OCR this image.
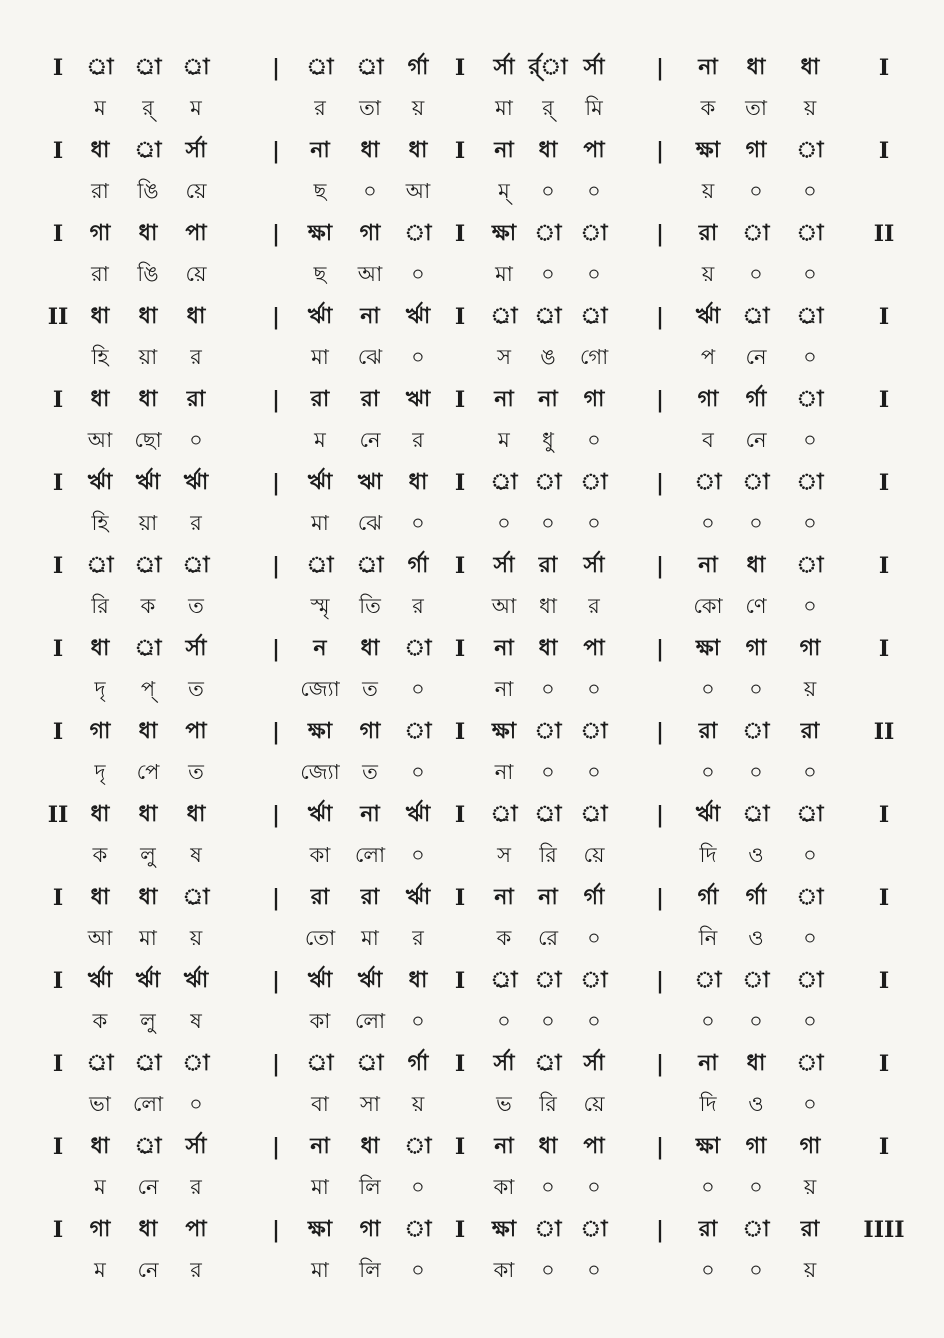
I র্া র্া র্া	| র্া র্া র্গা I র্সা র্র্া র্সা | না ধা ধা	I
ম র্ ম	র তা য়	মা র্ মি	ক তা য়
I ধা র্া র্সা	| না ধা ধা I না ধা পা | ক্ষা গা া	I
রা ঙি য়ে	ছ ০ আ	ম্ ০ ০	য় ০ ০
I গা ধা পা	| ক্ষা গা া I ক্ষা া া | রা া া II
রা ঙি য়ে	ছ আ ০	মা ০ ০	য় ০ ০
II ধা ধা ধা	| র্ঋা না র্ঋা I র্া র্া র্া | র্ঋা র্া র্া	I
হি য়া র	মা ঝে ০	স ঙ গো	প নে ০
I ধা ধা রা	| রা রা ঋা I না না গা | গা র্গা া	I
আ ছো ০	ম নে র	ম ধু ০	ব নে ০
I র্ঋা র্ঋা র্ঋা	| র্ঋা ঋা ধা I র্া া া | া া া	I
হি য়া র	মা ঝে ০	০ ০ ০	০ ০ ০
I র্া র্া র্া	| র্া র্া র্গা I র্সা রা র্সা | না ধা া	I
রি ক ত	স্মৃ তি র	আ ধা র	কো ণে ০
I ধা র্া র্সা	| ন ধা া I না ধা পা | ক্ষা গা গা	I
দৃ প্ ত	জ্যো ত ০	না ০ ০	০ ০ য়
I গা ধা পা	| ক্ষা গা া I ক্ষা া া | রা া রা II
দৃ পে ত	জ্যো ত ০	না ০ ০	০ ০ ০
II ধা ধা ধা	| র্ঋা না র্ঋা I র্া র্া র্া | র্ঋা র্া র্া	I
ক লু ষ	কা লো ০	স রি য়ে	দি ও ০
I ধা ধা র্া	| রা রা র্ঋা I না না র্গা | র্গা র্গা া	I
আ মা য়	তো মা র	ক রে ০	নি ও ০
I র্ঋা র্ঋা র্ঋা	| র্ঋা র্ঋা ধা I র্া া া | া া া	I
ক লু ষ	কা লো ০	০ ০ ০	০ ০ ০
I র্া র্া া	| র্া র্া র্গা I র্সা র্া র্সা | না ধা া	I
ভা লো ০	বা সা য়	ভ রি য়ে	দি ও ০
I ধা র্া র্সা	| না ধা া I না ধা পা | ক্ষা গা গা	I
ম নে র	মা লি ০	কা ০ ০	০ ০ য়
I গা ধা পা	| ক্ষা গা া I ক্ষা া া | রা া রা IIII
ম নে র	মা লি ০	কা ০ ০	০ ০ য়
